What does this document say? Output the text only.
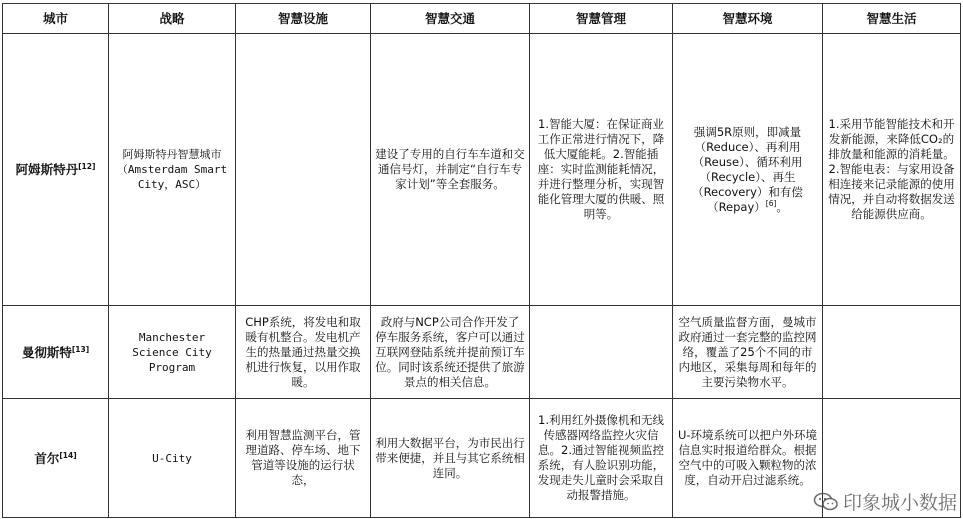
城市	战略	智慧设施	智慧交通	智慧管理	智慧环境	智慧生活
阿姆斯特丹[12]	阿姆斯特丹智慧城市（Amsterdam Smart City，ASC）		建设了专用的自行车车道和交通信号灯，并制定“自行车专家计划”等全套服务。	1.智能大厦：在保证商业工作正常进行情况下，降低大厦能耗。2.智能插座：实时监测能耗情况，并进行整理分析，实现智能化管理大厦的供暖、照明等。	强调5R原则，即减量（Reduce）、再利用（Reuse）、循环利用（Recycle）、再生（Recovery）和有偿（Repay）[6]。	1.采用节能智能技术和开发新能源，来降低CO₂的排放量和能源的消耗量。2.智能电表：与家用设备相连接来记录能源的使用情况，并自动将数据发送给能源供应商。
曼彻斯特[13]	Manchester Science City Program	CHP系统，将发电和取暖有机整合。发电机产生的热量通过热量交换机进行恢复，以用作取暖。	政府与NCP公司合作开发了停车服务系统，客户可以通过互联网登陆系统并提前预订车位。同时该系统还提供了旅游景点的相关信息。		空气质量监督方面，曼城市政府通过一套完整的监控网络，覆盖了25个不同的市内地区，采集每周和每年的主要污染物水平。	
首尔[14]	U-City	利用智慧监测平台，管理道路、停车场、地下管道等设施的运行状态，	利用大数据平台，为市民出行带来便捷，并且与其它系统相连同。	1.利用红外摄像机和无线传感器网络监控火灾信息。2.通过智能视频监控系统，有人脸识别功能，发现走失儿童时会采取自动报警措施。	U-环境系统可以把户外环境信息实时报道给群众。根据空气中的可吸入颗粒物的浓度，自动开启过滤系统。	
印象城小数据
